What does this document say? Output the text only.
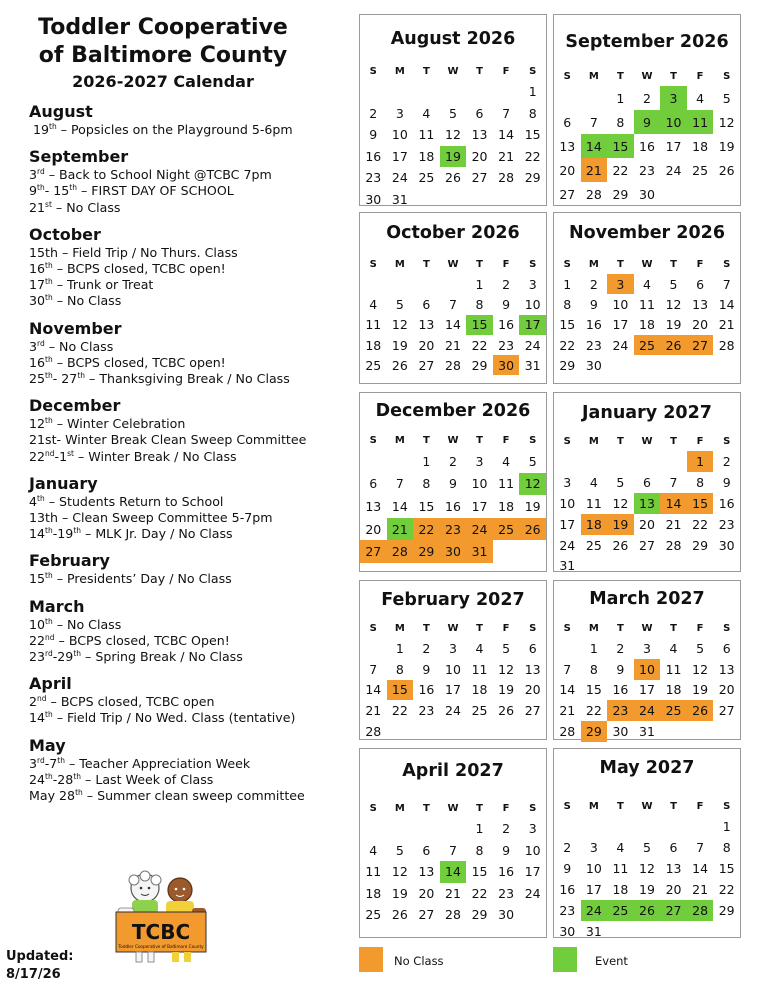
Toddler Cooperative
of Baltimore County
2026-2027 Calendar
August
19th – Popsicles on the Playground 5-6pm
September
3rd – Back to School Night @TCBC 7pm
9th- 15th – FIRST DAY OF SCHOOL
21st – No Class
October
15th – Field Trip / No Thurs. Class
16th – BCPS closed, TCBC open!
17th – Trunk or Treat
30th – No Class
November
3rd – No Class
16th – BCPS closed, TCBC open!
25th- 27th – Thanksgiving Break / No Class
December
12th – Winter Celebration
21st- Winter Break Clean Sweep Committee
22nd-1st – Winter Break / No Class
January
4th – Students Return to School
13th – Clean Sweep Committee 5-7pm
14th-19th – MLK Jr. Day / No Class
February
15th – Presidents’ Day / No Class
March
10th – No Class
22nd – BCPS closed, TCBC Open!
23rd-29th – Spring Break / No Class
April
2nd – BCPS closed, TCBC open
14th – Field Trip / No Wed. Class (tentative)
May
3rd-7th – Teacher Appreciation Week
24th-28th – Last Week of Class
May 28th – Summer clean sweep committee
TCBC
Toddler Cooperative of Baltimore County
Updated:
8/17/26
August 2026
S	M	T	W	T	F	S
						1
2	3	4	5	6	7	8
9	10	11	12	13	14	15
16	17	18	19	20	21	22
23	24	25	26	27	28	29
30	31					
September 2026
S	M	T	W	T	F	S
		1	2	3	4	5
6	7	8	9	10	11	12
13	14	15	16	17	18	19
20	21	22	23	24	25	26
27	28	29	30			
October 2026
S	M	T	W	T	F	S
				1	2	3
4	5	6	7	8	9	10
11	12	13	14	15	16	17
18	19	20	21	22	23	24
25	26	27	28	29	30	31
November 2026
S	M	T	W	T	F	S
1	2	3	4	5	6	7
8	9	10	11	12	13	14
15	16	17	18	19	20	21
22	23	24	25	26	27	28
29	30					
December 2026
S	M	T	W	T	F	S
		1	2	3	4	5
6	7	8	9	10	11	12
13	14	15	16	17	18	19
20	21	22	23	24	25	26
27	28	29	30	31		
January 2027
S	M	T	W	T	F	S
					1	2
3	4	5	6	7	8	9
10	11	12	13	14	15	16
17	18	19	20	21	22	23
24	25	26	27	28	29	30
31						
February 2027
S	M	T	W	T	F	S
	1	2	3	4	5	6
7	8	9	10	11	12	13
14	15	16	17	18	19	20
21	22	23	24	25	26	27
28						
March 2027
S	M	T	W	T	F	S
	1	2	3	4	5	6
7	8	9	10	11	12	13
14	15	16	17	18	19	20
21	22	23	24	25	26	27
28	29	30	31			
April 2027
S	M	T	W	T	F	S
				1	2	3
4	5	6	7	8	9	10
11	12	13	14	15	16	17
18	19	20	21	22	23	24
25	26	27	28	29	30	
May 2027
S	M	T	W	T	F	S
						1
2	3	4	5	6	7	8
9	10	11	12	13	14	15
16	17	18	19	20	21	22
23	24	25	26	27	28	29
30	31					
No Class	Event
